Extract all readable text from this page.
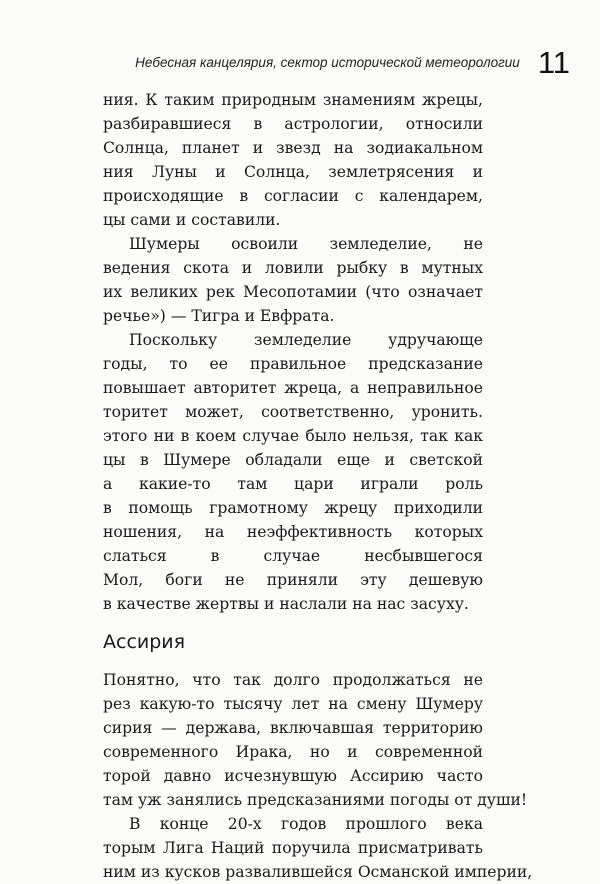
Небесная канцелярия, сектор исторической метеорологии 11
ния. К таким природным знамениям жрецы,
разбиравшиеся в астрологии, относили
Солнца, планет и звезд на зодиакальном
ния Луны и Солнца, землетрясения и
происходящие в согласии с календарем,
цы сами и составили.
Шумеры освоили земледелие, не
ведения скота и ловили рыбку в мутных
их великих рек Месопотамии (что означает
речье») — Тигра и Евфрата.
Поскольку земледелие удручающе
годы, то ее правильное предсказание
повышает авторитет жреца, а неправильное
торитет может, соответственно, уронить.
этого ни в коем случае было нельзя, так как
цы в Шумере обладали еще и светской
а какие-то там цари играли роль
в помощь грамотному жрецу приходили
ношения, на неэффективность которых
слаться в случае несбывшегося
Мол, боги не приняли эту дешевую
в качестве жертвы и наслали на нас засуху.
Ассирия
Понятно, что так долго продолжаться не
рез какую-то тысячу лет на смену Шумеру
сирия — держава, включавшая территорию
современного Ирака, но и современной
торой давно исчезнувшую Ассирию часто
там уж занялись предсказаниями погоды от души!
В конце 20-х годов прошлого века
торым Лига Наций поручила присматривать
ним из кусков развалившейся Османской империи,
